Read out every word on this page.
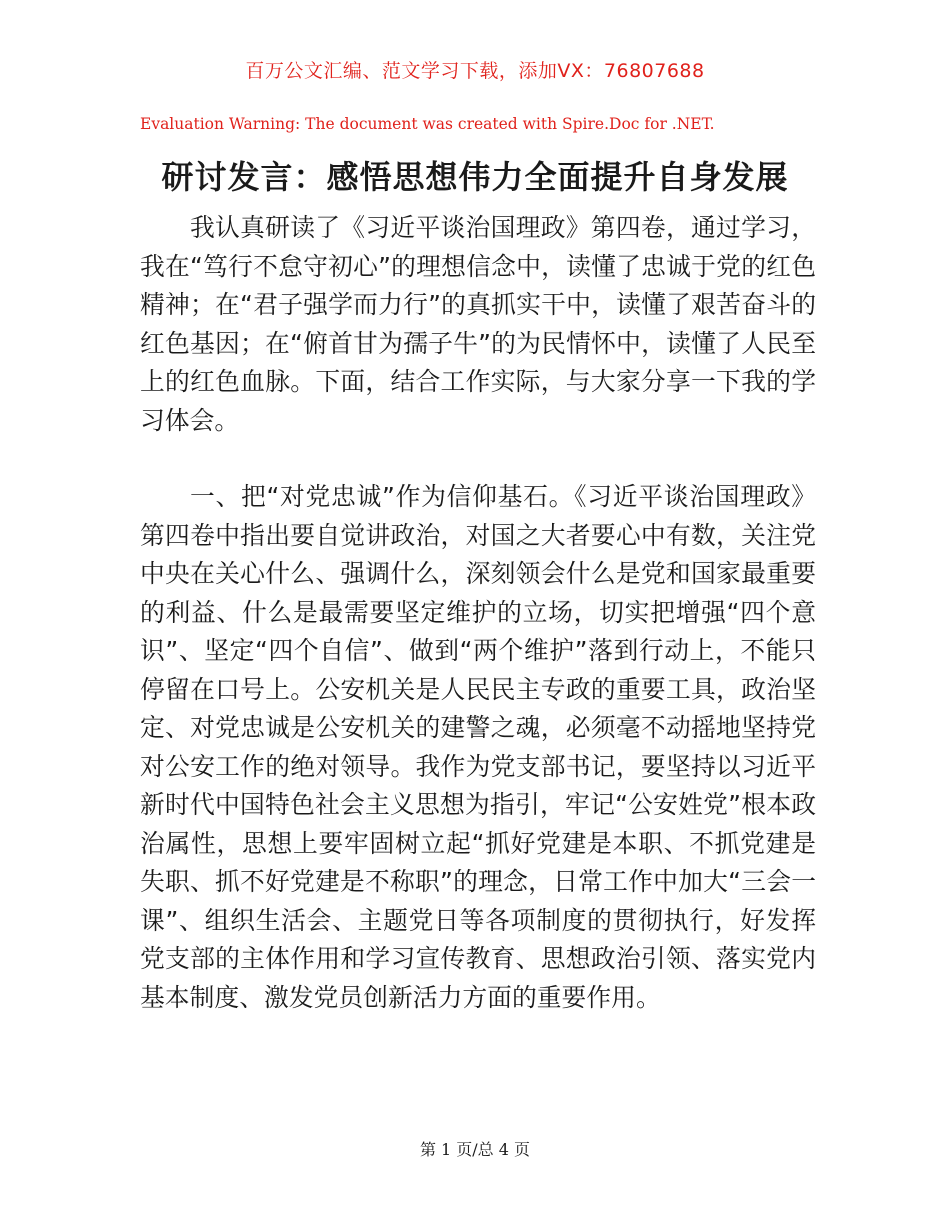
百万公文汇编、范文学习下载，添加VX：76807688
Evaluation Warning: The document was created with Spire.Doc for .NET.
研讨发言：感悟思想伟力全面提升自身发展

我认真研读了《习近平谈治国理政》第四卷，通过学习，我在“笃行不怠守初心”的理想信念中，读懂了忠诚于党的红色精神；在“君子强学而力行”的真抓实干中，读懂了艰苦奋斗的红色基因；在“俯首甘为孺子牛”的为民情怀中，读懂了人民至上的红色血脉。下面，结合工作实际，与大家分享一下我的学习体会。

一、把“对党忠诚”作为信仰基石。《习近平谈治国理政》第四卷中指出要自觉讲政治，对国之大者要心中有数，关注党中央在关心什么、强调什么，深刻领会什么是党和国家最重要的利益、什么是最需要坚定维护的立场，切实把增强“四个意识”、坚定“四个自信”、做到“两个维护”落到行动上，不能只停留在口号上。公安机关是人民民主专政的重要工具，政治坚定、对党忠诚是公安机关的建警之魂，必须毫不动摇地坚持党对公安工作的绝对领导。我作为党支部书记，要坚持以习近平新时代中国特色社会主义思想为指引，牢记“公安姓党”根本政治属性，思想上要牢固树立起“抓好党建是本职、不抓党建是失职、抓不好党建是不称职”的理念，日常工作中加大“三会一课”、组织生活会、主题党日等各项制度的贯彻执行，好发挥党支部的主体作用和学习宣传教育、思想政治引领、落实党内基本制度、激发党员创新活力方面的重要作用。

第 1 页/总 4 页
